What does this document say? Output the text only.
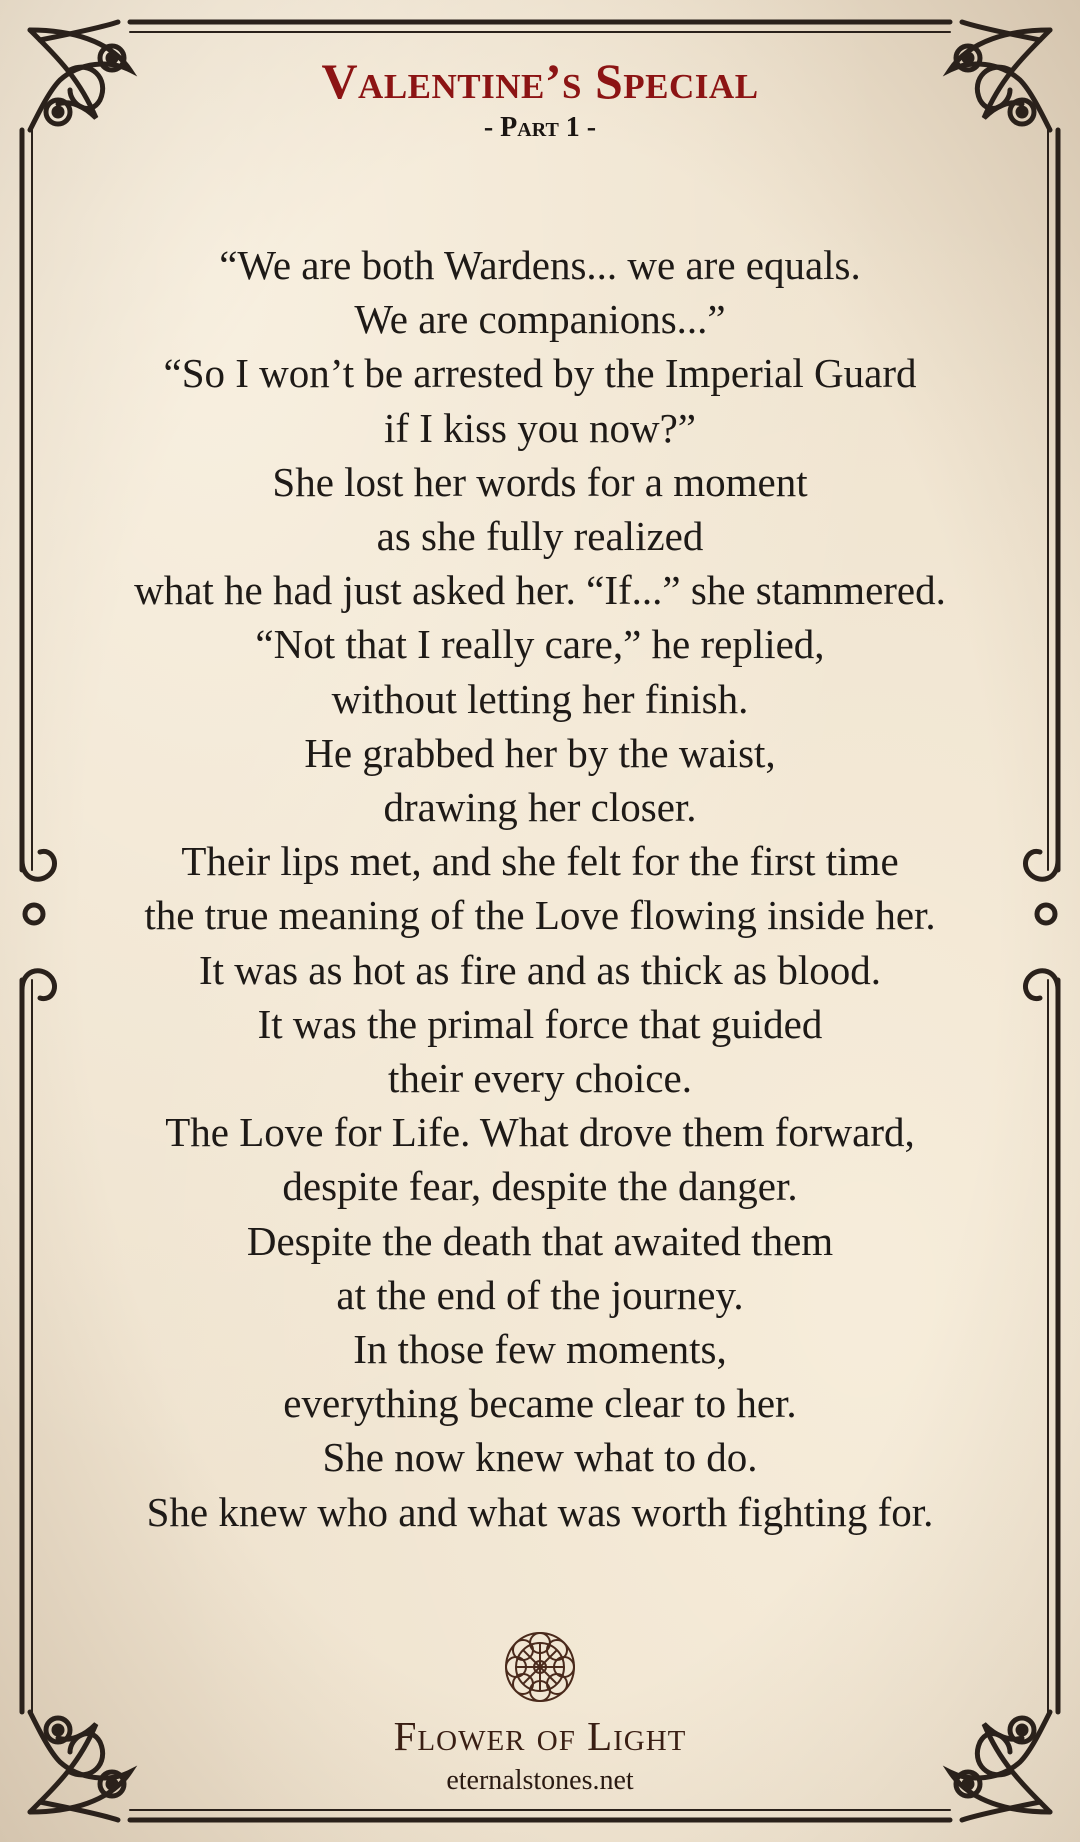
Valentine’s Special
- Part 1 -
“We are both Wardens... we are equals.
We are companions...”
“So I won’t be arrested by the Imperial Guard
if I kiss you now?”
She lost her words for a moment
as she fully realized
what he had just asked her. “If...” she stammered.
“Not that I really care,” he replied,
without letting her finish.
He grabbed her by the waist,
drawing her closer.
Their lips met, and she felt for the first time
the true meaning of the Love flowing inside her.
It was as hot as fire and as thick as blood.
It was the primal force that guided
their every choice.
The Love for Life. What drove them forward,
despite fear, despite the danger.
Despite the death that awaited them
at the end of the journey.
In those few moments,
everything became clear to her.
She now knew what to do.
She knew who and what was worth fighting for.
Flower of Light
eternalstones.net
